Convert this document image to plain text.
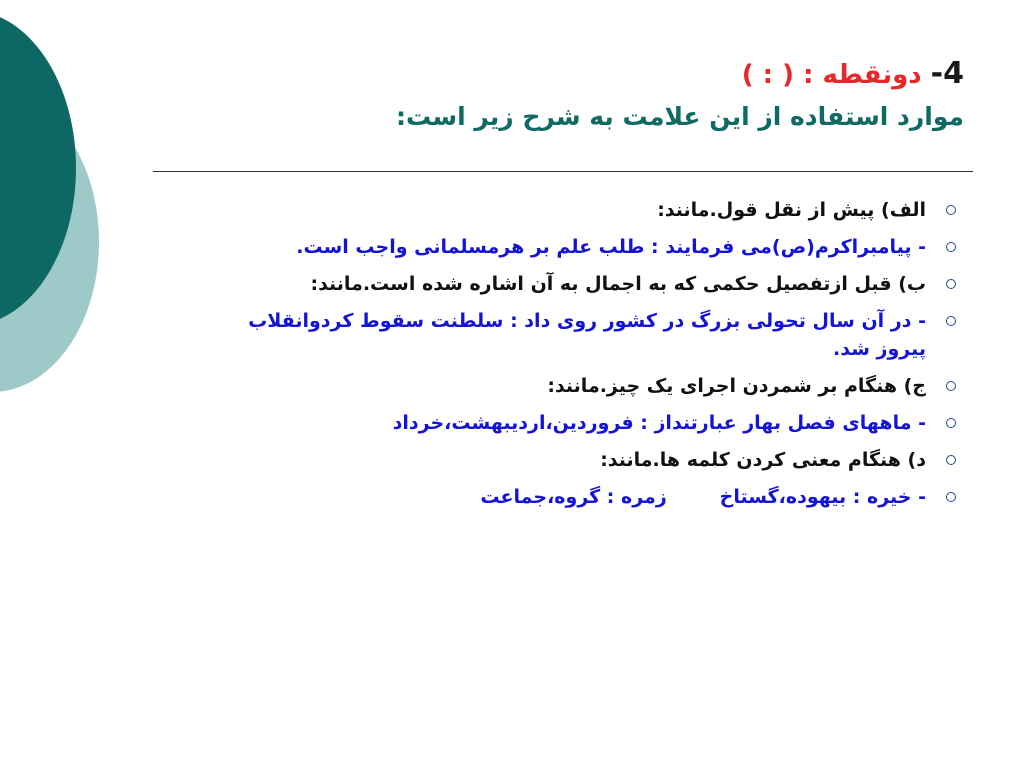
4- دونقطه ( : ) :
موارد استفاده از این علامت به شرح زیر است:
الف) پیش از نقل قول.مانند:
- پیامبراکرم(ص)می فرمایند : طلب علم بر هرمسلمانی واجب است.
ب) قبل ازتفصیل حکمی که به اجمال به آن اشاره شده است.مانند:
- در آن سال تحولی بزرگ در کشور روی داد : سلطنت سقوط کردوانقلاب پیروز شد.
ج) هنگام بر شمردن اجرای یک چیز.مانند:
- ماههای فصل بهار عبارتنداز : فروردین،اردیبهشت،خرداد
د) هنگام معنی کردن کلمه ها.مانند:
- خیره : بیهوده،گستاخ        زمره : گروه،جماعت
